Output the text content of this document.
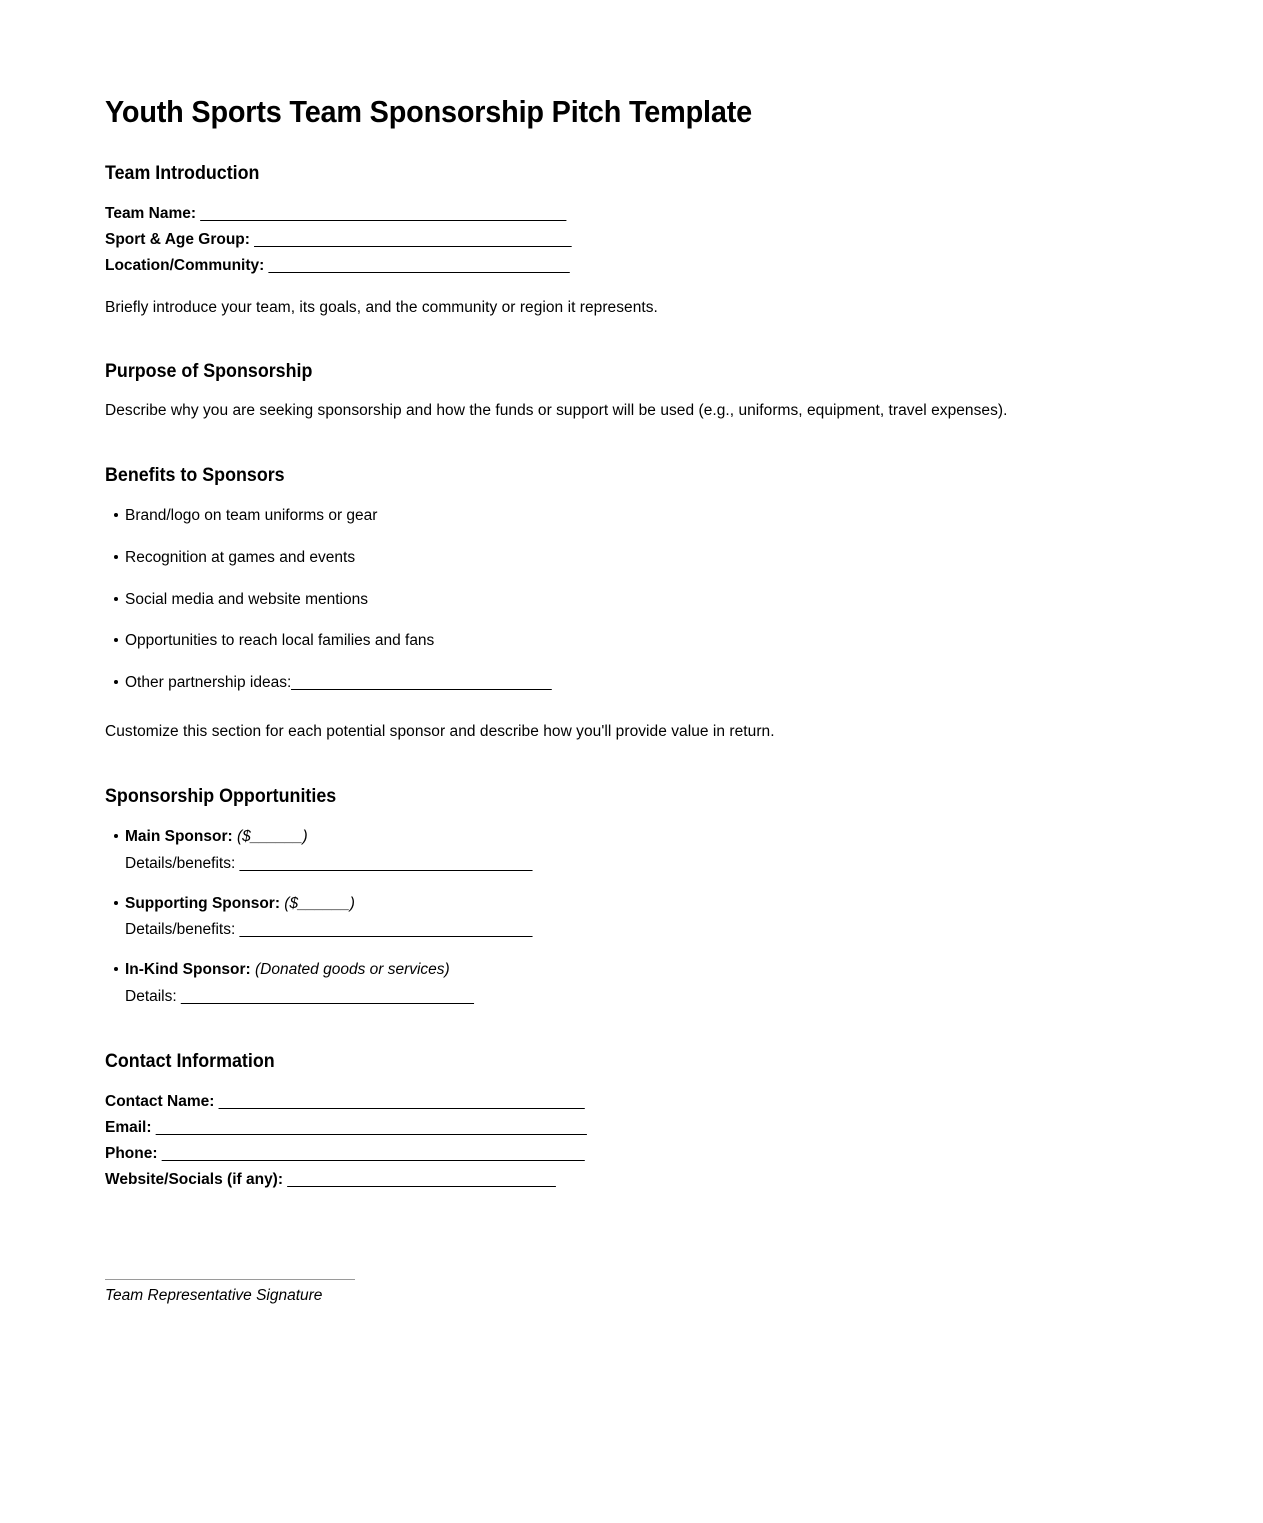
Youth Sports Team Sponsorship Pitch Template
Team Introduction
Team Name: _____________________________________________
Sport & Age Group: _______________________________________
Location/Community: _____________________________________
Briefly introduce your team, its goals, and the community or region it represents.
Purpose of Sponsorship
Describe why you are seeking sponsorship and how the funds or support will be used (e.g., uniforms, equipment, travel expenses).
Benefits to Sponsors
Brand/logo on team uniforms or gear
Recognition at games and events
Social media and website mentions
Opportunities to reach local families and fans
Other partnership ideas:________________________________
Customize this section for each potential sponsor and describe how you'll provide value in return.
Sponsorship Opportunities
Main Sponsor: ($______)
Details/benefits: ____________________________________
Supporting Sponsor: ($______)
Details/benefits: ____________________________________
In-Kind Sponsor: (Donated goods or services)
Details: ____________________________________
Contact Information
Contact Name: _____________________________________________
Email: _____________________________________________________
Phone: ____________________________________________________
Website/Socials (if any): _________________________________
Team Representative Signature
